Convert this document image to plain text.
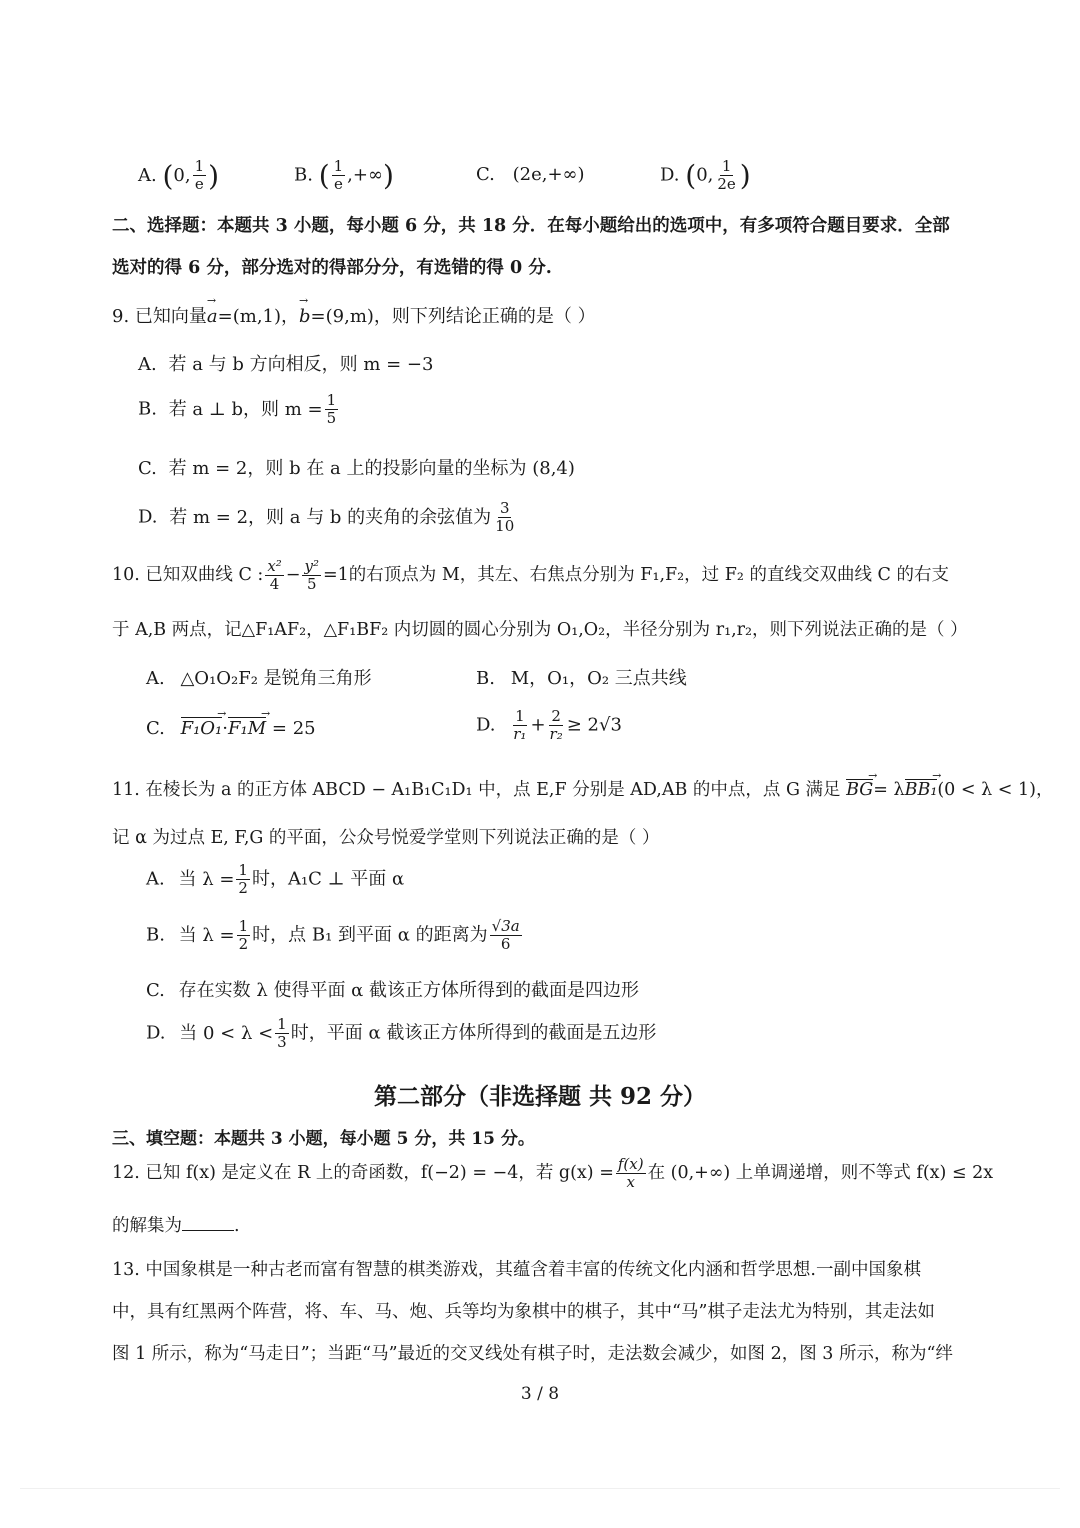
A. (0, $\frac{1}{e}$ )	B. ( $\frac{1}{e}$ ,+∞)	C. (2e,+∞)	D. (0, $\frac{1}{2e}$ )
二、选择题：本题共 3 小题，每小题 6 分，共 18 分．在每小题给出的选项中，有多项符合题目要求．全部
选对的得 6 分，部分选对的得部分分，有选错的得 0 分.
9. 已知向量→ a=(m,1)，→ b=(9,m)，则下列结论正确的是（ ）
A. 若 a 与 b 方向相反，则 m = −3
B. 若 a ⊥ b，则 $m = \frac{1}{5}$
C. 若 m = 2，则 b 在 a 上的投影向量的坐标为 (8,4)
D. 若 m = 2，则 a 与 b 的夹角的余弦值为 $\frac{3}{10}$
10. 已知双曲线 C : $\frac{\text{x²}}{4} - \frac{\text{y²}}{5} =1$的右顶点为 M，其左、右焦点分别为 F₁,F₂，过 F₂ 的直线交双曲线 C 的右支
于 A,B 两点，记△F₁AF₂，△F₁BF₂ 内切圆的圆心分别为 O₁,O₂，半径分别为 r₁,r₂，则下列说法正确的是（ ）
A. △O₁O₂F₂ 是锐角三角形	B. M，O₁，O₂ 三点共线
C. F₁O₁ →·F₁M → = 25	D. $\frac{1}{\text{r₁}} + \frac{2}{\text{r₂}} \ge 2√3$
11. 在棱长为 a 的正方体 ABCD − A₁B₁C₁D₁ 中，点 E,F 分别是 AD,AB 的中点，点 G 满足 BG →= λBB₁ →(0 < λ < 1)，
记 α 为过点 E, F,G 的平面，公众号悦爱学堂则下列说法正确的是（ ）
A. 当 $\lambda = \frac{1}{2}$ 时，A₁C ⊥ 平面 α
B. 当 $\lambda = \frac{1}{2}$ 时，点 B₁ 到平面 α 的距离为 $\frac{√3a}{6}$
C. 存在实数 λ 使得平面 α 截该正方体所得到的截面是四边形
D. 当 $0 < \lambda < \frac{1}{3}$ 时，平面 α 截该正方体所得到的截面是五边形
第二部分（非选择题 共 92 分）
三、填空题：本题共 3 小题，每小题 5 分，共 15 分。
12. 已知 f(x) 是定义在 R 上的奇函数，f(−2) = −4，若 $g(x) = \frac{f(x)}{x}$ 在 (0,+∞) 上单调递增，则不等式 f(x) ≤ 2x
的解集为	.
13. 中国象棋是一种古老而富有智慧的棋类游戏，其蕴含着丰富的传统文化内涵和哲学思想.一副中国象棋
中，具有红黑两个阵营，将、车、马、炮、兵等均为象棋中的棋子，其中“马”棋子走法尤为特别，其走法如
图 1 所示，称为“马走日”；当距“马”最近的交叉线处有棋子时，走法数会减少，如图 2，图 3 所示，称为“绊
3 / 8
